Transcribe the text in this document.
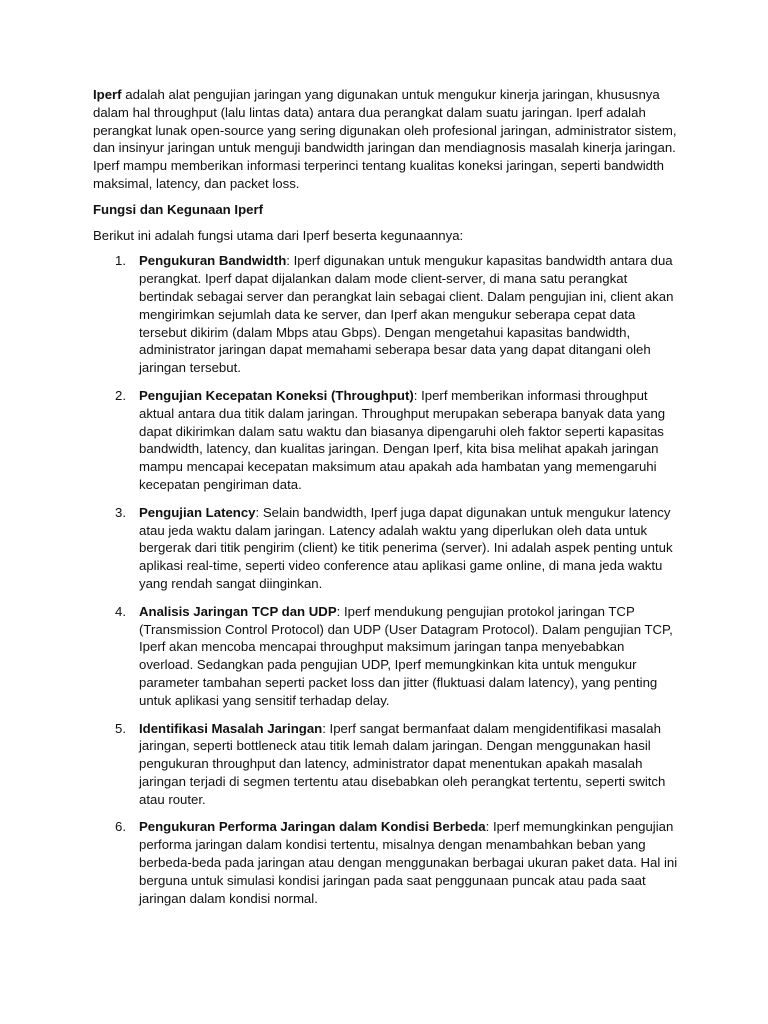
Iperf adalah alat pengujian jaringan yang digunakan untuk mengukur kinerja jaringan, khususnya dalam hal throughput (lalu lintas data) antara dua perangkat dalam suatu jaringan. Iperf adalah perangkat lunak open-source yang sering digunakan oleh profesional jaringan, administrator sistem, dan insinyur jaringan untuk menguji bandwidth jaringan dan mendiagnosis masalah kinerja jaringan. Iperf mampu memberikan informasi terperinci tentang kualitas koneksi jaringan, seperti bandwidth maksimal, latency, dan packet loss.

Fungsi dan Kegunaan Iperf

Berikut ini adalah fungsi utama dari Iperf beserta kegunaannya:

1. Pengukuran Bandwidth: Iperf digunakan untuk mengukur kapasitas bandwidth antara dua perangkat. Iperf dapat dijalankan dalam mode client-server, di mana satu perangkat bertindak sebagai server dan perangkat lain sebagai client. Dalam pengujian ini, client akan mengirimkan sejumlah data ke server, dan Iperf akan mengukur seberapa cepat data tersebut dikirim (dalam Mbps atau Gbps). Dengan mengetahui kapasitas bandwidth, administrator jaringan dapat memahami seberapa besar data yang dapat ditangani oleh jaringan tersebut.
2. Pengujian Kecepatan Koneksi (Throughput): Iperf memberikan informasi throughput aktual antara dua titik dalam jaringan. Throughput merupakan seberapa banyak data yang dapat dikirimkan dalam satu waktu dan biasanya dipengaruhi oleh faktor seperti kapasitas bandwidth, latency, dan kualitas jaringan. Dengan Iperf, kita bisa melihat apakah jaringan mampu mencapai kecepatan maksimum atau apakah ada hambatan yang memengaruhi kecepatan pengiriman data.
3. Pengujian Latency: Selain bandwidth, Iperf juga dapat digunakan untuk mengukur latency atau jeda waktu dalam jaringan. Latency adalah waktu yang diperlukan oleh data untuk bergerak dari titik pengirim (client) ke titik penerima (server). Ini adalah aspek penting untuk aplikasi real-time, seperti video conference atau aplikasi game online, di mana jeda waktu yang rendah sangat diinginkan.
4. Analisis Jaringan TCP dan UDP: Iperf mendukung pengujian protokol jaringan TCP (Transmission Control Protocol) dan UDP (User Datagram Protocol). Dalam pengujian TCP, Iperf akan mencoba mencapai throughput maksimum jaringan tanpa menyebabkan overload. Sedangkan pada pengujian UDP, Iperf memungkinkan kita untuk mengukur parameter tambahan seperti packet loss dan jitter (fluktuasi dalam latency), yang penting untuk aplikasi yang sensitif terhadap delay.
5. Identifikasi Masalah Jaringan: Iperf sangat bermanfaat dalam mengidentifikasi masalah jaringan, seperti bottleneck atau titik lemah dalam jaringan. Dengan menggunakan hasil pengukuran throughput dan latency, administrator dapat menentukan apakah masalah jaringan terjadi di segmen tertentu atau disebabkan oleh perangkat tertentu, seperti switch atau router.
6. Pengukuran Performa Jaringan dalam Kondisi Berbeda: Iperf memungkinkan pengujian performa jaringan dalam kondisi tertentu, misalnya dengan menambahkan beban yang berbeda-beda pada jaringan atau dengan menggunakan berbagai ukuran paket data. Hal ini berguna untuk simulasi kondisi jaringan pada saat penggunaan puncak atau pada saat jaringan dalam kondisi normal.
